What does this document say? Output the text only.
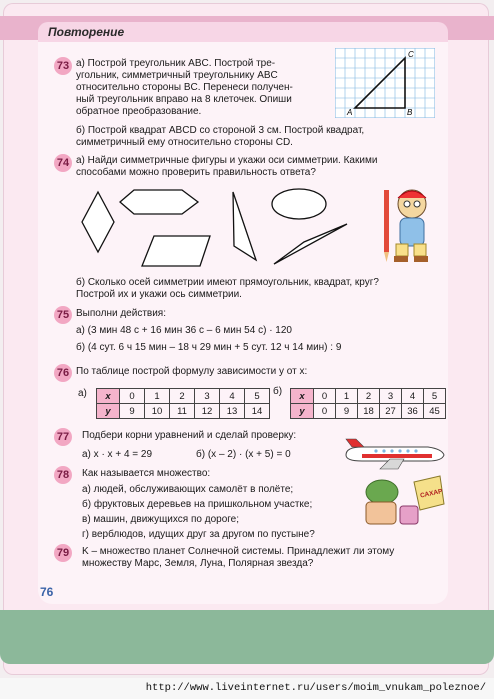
Повторение
73 а) Построй треугольник ABC. Построй тре-
угольник, симметричный треугольнику ABC
относительно стороны BC. Перенеси получен-
ный треугольник вправо на 8 клеточек. Опиши
обратное преобразование.
б) Построй квадрат ABCD со стороной 3 см. Построй квадрат,
симметричный ему относительно стороны CD.
A	B
C
74 а) Найди симметричные фигуры и укажи оси симметрии. Какими
способами можно проверить правильность ответа?
б) Сколько осей симметрии имеют прямоугольник, квадрат, круг?
Построй их и укажи ось симметрии.
75 Выполни действия:
а) (3 мин 48 с + 16 мин 36 с – 6 мин 54 с) · 120
б) (4 сут. 6 ч 15 мин – 18 ч 29 мин + 5 сут. 12 ч 14 мин) : 9
76 По таблице построй формулу зависимости y от x:
а) x	0	1	2	3	4	5
y	9	10	11	12	13	14
б) x	0	1	2	3	4	5
y	0	9	18	27	36	45
77 Подбери корни уравнений и сделай проверку:
а) x · x + 4 = 29	б) (x – 2) · (x + 5) = 0
78 Как называется множество:
а) людей, обслуживающих самолёт в полёте;
б) фруктовых деревьев на пришкольном участке;
в) машин, движущихся по дороге;
г) верблюдов, идущих друг за другом по пустыне?
САХАР
79 K – множество планет Солнечной системы. Принадлежит ли этому
множеству Марс, Земля, Луна, Полярная звезда?
76
http://www.liveinternet.ru/users/moim_vnukam_poleznoe/
